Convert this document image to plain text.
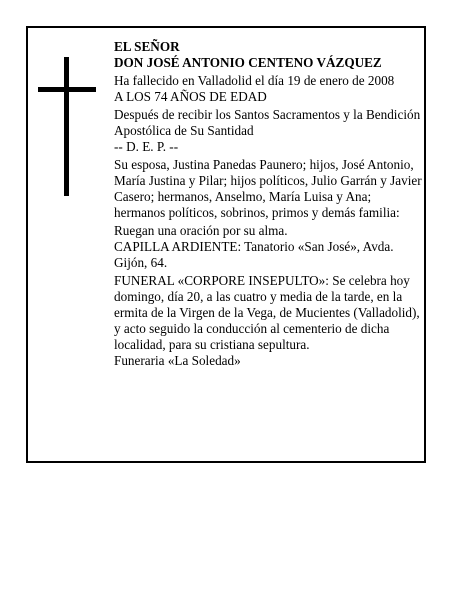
EL SEÑOR

DON JOSÉ ANTONIO CENTENO VÁZQUEZ

Ha fallecido en Valladolid el día 19 de enero de 2008

A LOS 74 AÑOS DE EDAD

Después de recibir los Santos Sacramentos y la Bendición Apostólica de Su Santidad

-- D. E. P. --

Su esposa, Justina Panedas Paunero; hijos, José Antonio, María Justina y Pilar; hijos políticos, Julio Garrán y Javier Casero; hermanos, Anselmo, María Luisa y Ana; hermanos políticos, sobrinos, primos y demás familia:

Ruegan una oración por su alma.

CAPILLA ARDIENTE: Tanatorio «San José», Avda. Gijón, 64.

FUNERAL «CORPORE INSEPULTO»: Se celebra hoy domingo, día 20, a las cuatro y media de la tarde, en la ermita de la Virgen de la Vega, de Mucientes (Valladolid), y acto seguido la conducción al cementerio de dicha localidad, para su cristiana sepultura.

Funeraria «La Soledad»
